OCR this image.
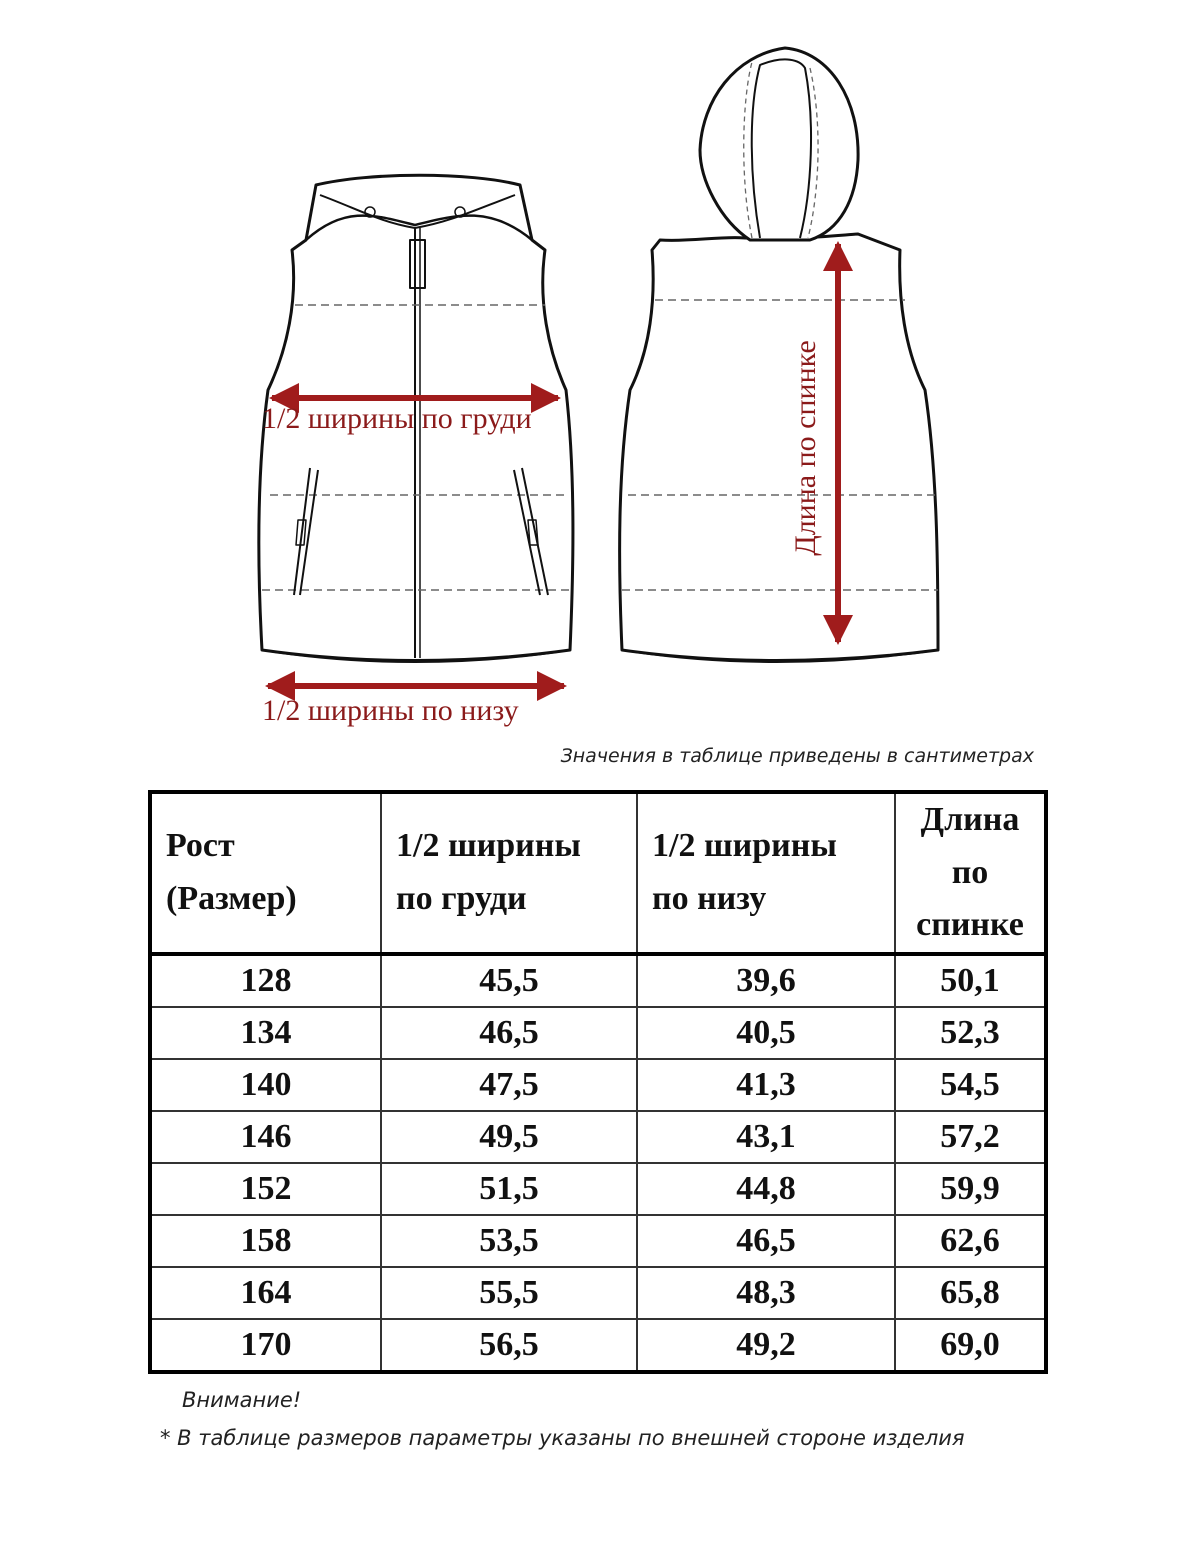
1/2 ширины по груди
1/2 ширины по низу
Длина по спинке
Значения в таблице приведены в сантиметрах
Рост (Размер)	1/2 ширины по груди	1/2 ширины по низу	Длина по спинке
128	45,5	39,6	50,1
134	46,5	40,5	52,3
140	47,5	41,3	54,5
146	49,5	43,1	57,2
152	51,5	44,8	59,9
158	53,5	46,5	62,6
164	55,5	48,3	65,8
170	56,5	49,2	69,0
Внимание!
* В таблице размеров параметры указаны по внешней стороне изделия
